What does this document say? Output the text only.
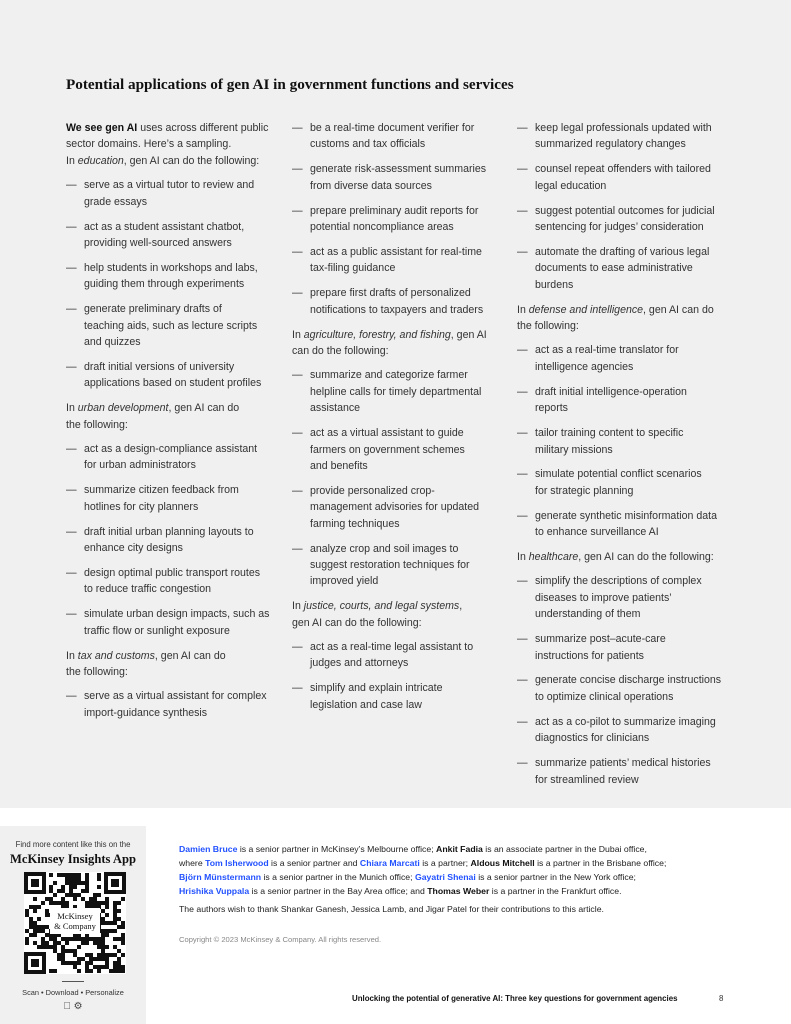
Potential applications of gen AI in government functions and services

We see gen AI uses across different public sector domains. Here’s a sampling.
In education, gen AI can do the following:

— serve as a virtual tutor to review and
grade essays
— act as a student assistant chatbot,
providing well-sourced answers
— help students in workshops and labs,
guiding them through experiments
— generate preliminary drafts of
teaching aids, such as lecture scripts
and quizzes
— draft initial versions of university
applications based on student profiles

In urban development, gen AI can do
the following:

— act as a design-compliance assistant
for urban administrators
— summarize citizen feedback from
hotlines for city planners
— draft initial urban planning layouts to
enhance city designs
— design optimal public transport routes
to reduce traffic congestion
— simulate urban design impacts, such as
traffic flow or sunlight exposure

In tax and customs, gen AI can do
the following:

— serve as a virtual assistant for complex
import-guidance synthesis
— be a real-time document verifier for
customs and tax officials
— generate risk-assessment summaries
from diverse data sources
— prepare preliminary audit reports for
potential noncompliance areas
— act as a public assistant for real-time
tax-filing guidance
— prepare first drafts of personalized
notifications to taxpayers and traders

In agriculture, forestry, and fishing, gen AI
can do the following:

— summarize and categorize farmer
helpline calls for timely departmental
assistance
— act as a virtual assistant to guide
farmers on government schemes
and benefits
— provide personalized crop-
management advisories for updated
farming techniques
— analyze crop and soil images to
suggest restoration techniques for
improved yield

In justice, courts, and legal systems,
gen AI can do the following:

— act as a real-time legal assistant to
judges and attorneys
— simplify and explain intricate
legislation and case law
— keep legal professionals updated with
summarized regulatory changes
— counsel repeat offenders with tailored
legal education
— suggest potential outcomes for judicial
sentencing for judges’ consideration
— automate the drafting of various legal
documents to ease administrative
burdens

In defense and intelligence, gen AI can do
the following:

— act as a real-time translator for
intelligence agencies
— draft initial intelligence-operation
reports
— tailor training content to specific
military missions
— simulate potential conflict scenarios
for strategic planning
— generate synthetic misinformation data
to enhance surveillance AI

In healthcare, gen AI can do the following:

— simplify the descriptions of complex
diseases to improve patients’
understanding of them
— summarize post–acute-care
instructions for patients
— generate concise discharge instructions
to optimize clinical operations
— act as a co-pilot to summarize imaging
diagnostics for clinicians
— summarize patients’ medical histories
for streamlined review
Find more content like this on the
McKinsey Insights App
McKinsey
& Company
Scan • Download • Personalize
⚙
Damien Bruce is a senior partner in McKinsey’s Melbourne office; Ankit Fadia is an associate partner in the Dubai office,
where Tom Isherwood is a senior partner and Chiara Marcati is a partner; Aldous Mitchell is a partner in the Brisbane office;
Björn Münstermann is a senior partner in the Munich office; Gayatri Shenai is a senior partner in the New York office;
Hrishika Vuppala is a senior partner in the Bay Area office; and Thomas Weber is a partner in the Frankfurt office.
The authors wish to thank Shankar Ganesh, Jessica Lamb, and Jigar Patel for their contributions to this article.
Copyright © 2023 McKinsey & Company. All rights reserved.
Unlocking the potential of generative AI: Three key questions for government agencies	8
